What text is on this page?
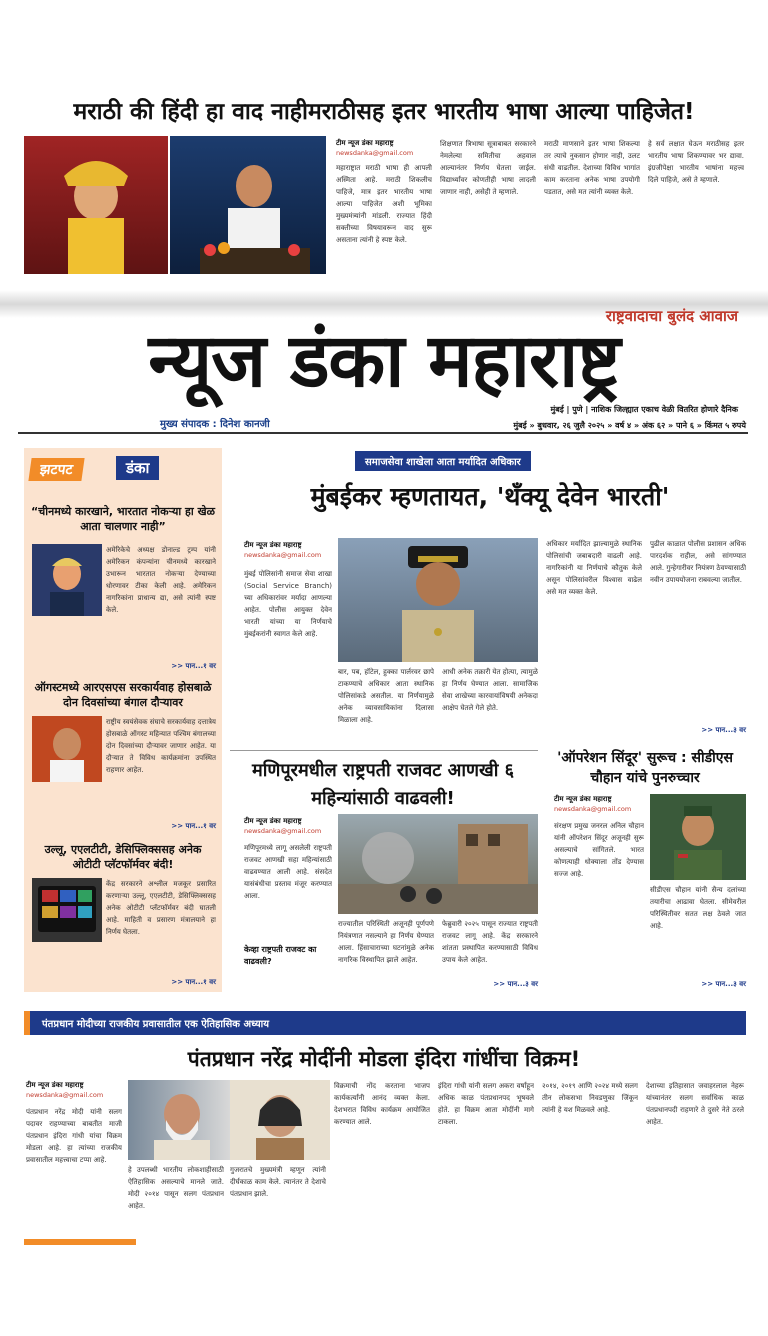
मराठी की हिंदी हा वाद नाहीमराठीसह इतर भारतीय भाषा आल्या पाहिजेत!
टीम न्यूज डंका महाराष्ट्र
newsdanka@gmail.com
महाराष्ट्रात मराठी भाषा ही आपली अस्मिता आहे. मराठी शिकलीच पाहिजे, मात्र इतर भारतीय भाषा आल्या पाहिजेत अशी भूमिका मुख्यमंत्र्यांनी मांडली. राज्यात हिंदी सक्तीच्या विषयावरून वाद सुरू असताना त्यांनी हे स्पष्ट केले.
शिक्षणात त्रिभाषा सूत्राबाबत सरकारने नेमलेल्या समितीचा अहवाल आल्यानंतर निर्णय घेतला जाईल. विद्यार्थ्यांवर कोणतीही भाषा लादली जाणार नाही, असेही ते म्हणाले.
मराठी माणसाने इतर भाषा शिकल्या तर त्याचे नुकसान होणार नाही, उलट संधी वाढतील. देशाच्या विविध भागांत काम करताना अनेक भाषा उपयोगी पडतात, असे मत त्यांनी व्यक्त केले.
हे सर्व लक्षात घेऊन मराठीसह इतर भारतीय भाषा शिकण्यावर भर द्यावा. इंग्रजीपेक्षा भारतीय भाषांना महत्त्व दिले पाहिजे, असे ते म्हणाले.
राष्ट्रवादाचा बुलंद आवाज
न्यूज डंका महाराष्ट्र
मुंबई | पुणे | नाशिक जिल्ह्यात एकाच वेळी वितरित होणारे दैनिक
मुख्य संपादक : दिनेश कानजी	मुंबई » बुधवार, २६ जुलै २०२५ » वर्ष ४ » अंक ६२ » पाने ६ » किंमत ५ रुपये
झटपट	डंका
“चीनमध्ये कारखाने, भारतात नोकऱ्या हा खेळ आता चालणार नाही”
अमेरिकेचे अध्यक्ष डोनाल्ड ट्रम्प यांनी अमेरिकन कंपन्यांना चीनमध्ये कारखाने उभारून भारतात नोकऱ्या देण्याच्या धोरणावर टीका केली आहे. अमेरिकन नागरिकांना प्राधान्य द्या, असे त्यांनी स्पष्ट केले.
>> पान...१ वर
ऑगस्टमध्ये आरएसएस सरकार्यवाह होसबाळे दोन दिवसांच्या बंगाल दौऱ्यावर
राष्ट्रीय स्वयंसेवक संघाचे सरकार्यवाह दत्तात्रेय होसबाळे ऑगस्ट महिन्यात पश्चिम बंगालच्या दोन दिवसांच्या दौऱ्यावर जाणार आहेत. या दौऱ्यात ते विविध कार्यक्रमांना उपस्थित राहणार आहेत.
>> पान...१ वर
उल्लू, एएलटीटी, डेसिफ्लिक्ससह अनेक ओटीटी प्लॅटफॉर्मवर बंदी!
केंद्र सरकारने अश्लील मजकूर प्रसारित करणाऱ्या उल्लू, एएलटीटी, डेसिफ्लिक्ससह अनेक ओटीटी प्लॅटफॉर्मवर बंदी घातली आहे. माहिती व प्रसारण मंत्रालयाने हा निर्णय घेतला.
>> पान...१ वर
समाजसेवा शाखेला आता मर्यादित अधिकार
मुंबईकर म्हणतायत, 'थँक्यू देवेन भारती'
टीम न्यूज डंका महाराष्ट्र
newsdanka@gmail.com
मुंबई पोलिसांनी समाज सेवा शाखा (Social Service Branch) च्या अधिकारांवर मर्यादा आणल्या आहेत. पोलीस आयुक्त देवेन भारती यांच्या या निर्णयाचे मुंबईकरांनी स्वागत केले आहे.
बार, पब, हॉटेल, हुक्का पार्लरवर छापे टाकण्याचे अधिकार आता स्थानिक पोलिसांकडे असतील. या निर्णयामुळे अनेक व्यावसायिकांना दिलासा मिळाला आहे.
आधी अनेक तक्रारी येत होत्या, त्यामुळे हा निर्णय घेण्यात आला. सामाजिक सेवा शाखेच्या कारवायांविषयी अनेकदा आक्षेप घेतले गेले होते.
अधिकार मर्यादित झाल्यामुळे स्थानिक पोलिसांची जबाबदारी वाढली आहे. नागरिकांनी या निर्णयाचे कौतुक केले असून पोलिसांवरील विश्वास वाढेल असे मत व्यक्त केले.
पुढील काळात पोलीस प्रशासन अधिक पारदर्शक राहील, असे सांगण्यात आले. गुन्हेगारीवर नियंत्रण ठेवण्यासाठी नवीन उपाययोजना राबवल्या जातील.
>> पान...३ वर
मणिपूरमधील राष्ट्रपती राजवट आणखी ६ महिन्यांसाठी वाढवली!
टीम न्यूज डंका महाराष्ट्र
newsdanka@gmail.com
मणिपूरमध्ये लागू असलेली राष्ट्रपती राजवट आणखी सहा महिन्यांसाठी वाढवण्यात आली आहे. संसदेत यासंबंधीचा प्रस्ताव मंजूर करण्यात आला.
केव्हा राष्ट्रपती राजवट का वाढवली?
राज्यातील परिस्थिती अजूनही पूर्णपणे नियंत्रणात नसल्याने हा निर्णय घेण्यात आला. हिंसाचाराच्या घटनांमुळे अनेक नागरिक विस्थापित झाले आहेत.
फेब्रुवारी २०२५ पासून राज्यात राष्ट्रपती राजवट लागू आहे. केंद्र सरकारने शांतता प्रस्थापित करण्यासाठी विविध उपाय केले आहेत.
>> पान...३ वर
'ऑपरेशन सिंदूर' सुरूच : सीडीएस चौहान यांचे पुनरुच्चार
टीम न्यूज डंका महाराष्ट्र
newsdanka@gmail.com
संरक्षण प्रमुख जनरल अनिल चौहान यांनी ऑपरेशन सिंदूर अजूनही सुरू असल्याचे सांगितले. भारत कोणत्याही धोक्याला तोंड देण्यास सज्ज आहे.
सीडीएस चौहान यांनी सैन्य दलांच्या तयारीचा आढावा घेतला. सीमेवरील परिस्थितीवर सतत लक्ष ठेवले जात आहे.
>> पान...३ वर
पंतप्रधान मोदीच्या राजकीय प्रवासातील एक ऐतिहासिक अध्याय
पंतप्रधान नरेंद्र मोदींनी मोडला इंदिरा गांधींचा विक्रम!
टीम न्यूज डंका महाराष्ट्र
newsdanka@gmail.com
पंतप्रधान नरेंद्र मोदी यांनी सलग पदावर राहण्याच्या बाबतीत माजी पंतप्रधान इंदिरा गांधी यांचा विक्रम मोडला आहे. हा त्यांच्या राजकीय प्रवासातील महत्त्वाचा टप्पा आहे.
हे उपलब्धी भारतीय लोकशाहीसाठी ऐतिहासिक असल्याचे मानले जाते. मोदी २०१४ पासून सलग पंतप्रधान आहेत.
गुजरातचे मुख्यमंत्री म्हणून त्यांनी दीर्घकाळ काम केले. त्यानंतर ते देशाचे पंतप्रधान झाले.
विक्रमाची नोंद करताना भाजप कार्यकर्त्यांनी आनंद व्यक्त केला. देशभरात विविध कार्यक्रम आयोजित करण्यात आले.
इंदिरा गांधी यांनी सलग अकरा वर्षांहून अधिक काळ पंतप्रधानपद भूषवले होते. हा विक्रम आता मोदींनी मागे टाकला.
२०१४, २०१९ आणि २०२४ मध्ये सलग तीन लोकसभा निवडणुका जिंकून त्यांनी हे यश मिळवले आहे.
देशाच्या इतिहासात जवाहरलाल नेहरू यांच्यानंतर सलग सर्वाधिक काळ पंतप्रधानपदी राहणारे ते दुसरे नेते ठरले आहेत.
